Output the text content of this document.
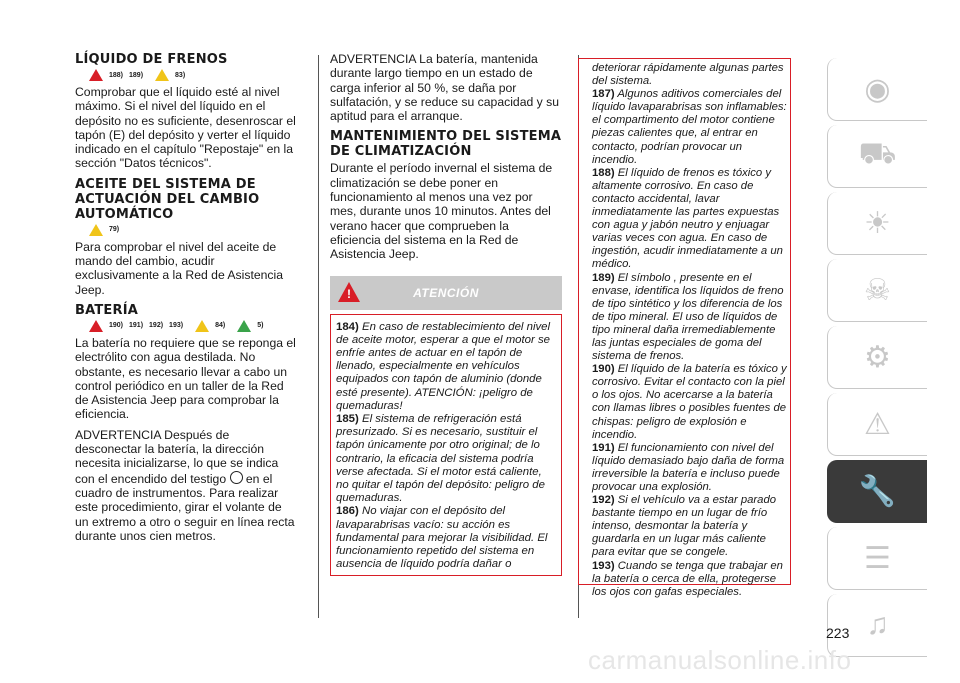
LÍQUIDO DE FRENOS
188) 189)	83)

Comprobar que el líquido esté al nivel máximo. Si el nivel del líquido en el depósito no es suficiente, desenroscar el tapón (E) del depósito y verter el líquido indicado en el capítulo "Repostaje" en la sección "Datos técnicos".

ACEITE DEL SISTEMA DE ACTUACIÓN DEL CAMBIO AUTOMÁTICO
79)

Para comprobar el nivel del aceite de mando del cambio, acudir exclusivamente a la Red de Asistencia Jeep.

BATERÍA
190) 191) 192) 193)	84)	5)

La batería no requiere que se reponga el electrólito con agua destilada. No obstante, es necesario llevar a cabo un control periódico en un taller de la Red de Asistencia Jeep para comprobar la eficiencia.

ADVERTENCIA Después de desconectar la batería, la dirección necesita inicializarse, lo que se indica con el encendido del testigo en el cuadro de instrumentos. Para realizar este procedimiento, girar el volante de un extremo a otro o seguir en línea recta durante unos cien metros.

ADVERTENCIA La batería, mantenida durante largo tiempo en un estado de carga inferior al 50 %, se daña por sulfatación, y se reduce su capacidad y su aptitud para el arranque.

MANTENIMIENTO DEL SISTEMA DE CLIMATIZACIÓN

Durante el período invernal el sistema de climatización se debe poner en funcionamiento al menos una vez por mes, durante unos 10 minutos. Antes del verano hacer que comprueben la eficiencia del sistema en la Red de Asistencia Jeep.

!
ATENCIÓN

184) En caso de restablecimiento del nivel de aceite motor, esperar a que el motor se enfríe antes de actuar en el tapón de llenado, especialmente en vehículos equipados con tapón de aluminio (donde esté presente). ATENCIÓN: ¡peligro de quemaduras!

185) El sistema de refrigeración está presurizado. Si es necesario, sustituir el tapón únicamente por otro original; de lo contrario, la eficacia del sistema podría verse afectada. Si el motor está caliente, no quitar el tapón del depósito: peligro de quemaduras.

186) No viajar con el depósito del lavaparabrisas vacío: su acción es fundamental para mejorar la visibilidad. El funcionamiento repetido del sistema en ausencia de líquido podría dañar o

deteriorar rápidamente algunas partes del sistema.

187) Algunos aditivos comerciales del líquido lavaparabrisas son inflamables: el compartimento del motor contiene piezas calientes que, al entrar en contacto, podrían provocar un incendio.

188) El líquido de frenos es tóxico y altamente corrosivo. En caso de contacto accidental, lavar inmediatamente las partes expuestas con agua y jabón neutro y enjuagar varias veces con agua. En caso de ingestión, acudir inmediatamente a un médico.

189) El símbolo , presente en el envase, identifica los líquidos de freno de tipo sintético y los diferencia de los de tipo mineral. El uso de líquidos de tipo mineral daña irremediablemente las juntas especiales de goma del sistema de frenos.

190) El líquido de la batería es tóxico y corrosivo. Evitar el contacto con la piel o los ojos. No acercarse a la batería con llamas libres o posibles fuentes de chispas: peligro de explosión e incendio.

191) El funcionamiento con nivel del líquido demasiado bajo daña de forma irreversible la batería e incluso puede provocar una explosión.

192) Si el vehículo va a estar parado bastante tiempo en un lugar de frío intenso, desmontar la batería y guardarla en un lugar más caliente para evitar que se congele.

193) Cuando se tenga que trabajar en la batería o cerca de ella, protegerse los ojos con gafas especiales.

◉
⛟
☀
☠
⚙
⚠
🔧
☰
♫
223
carmanualsonline.info
